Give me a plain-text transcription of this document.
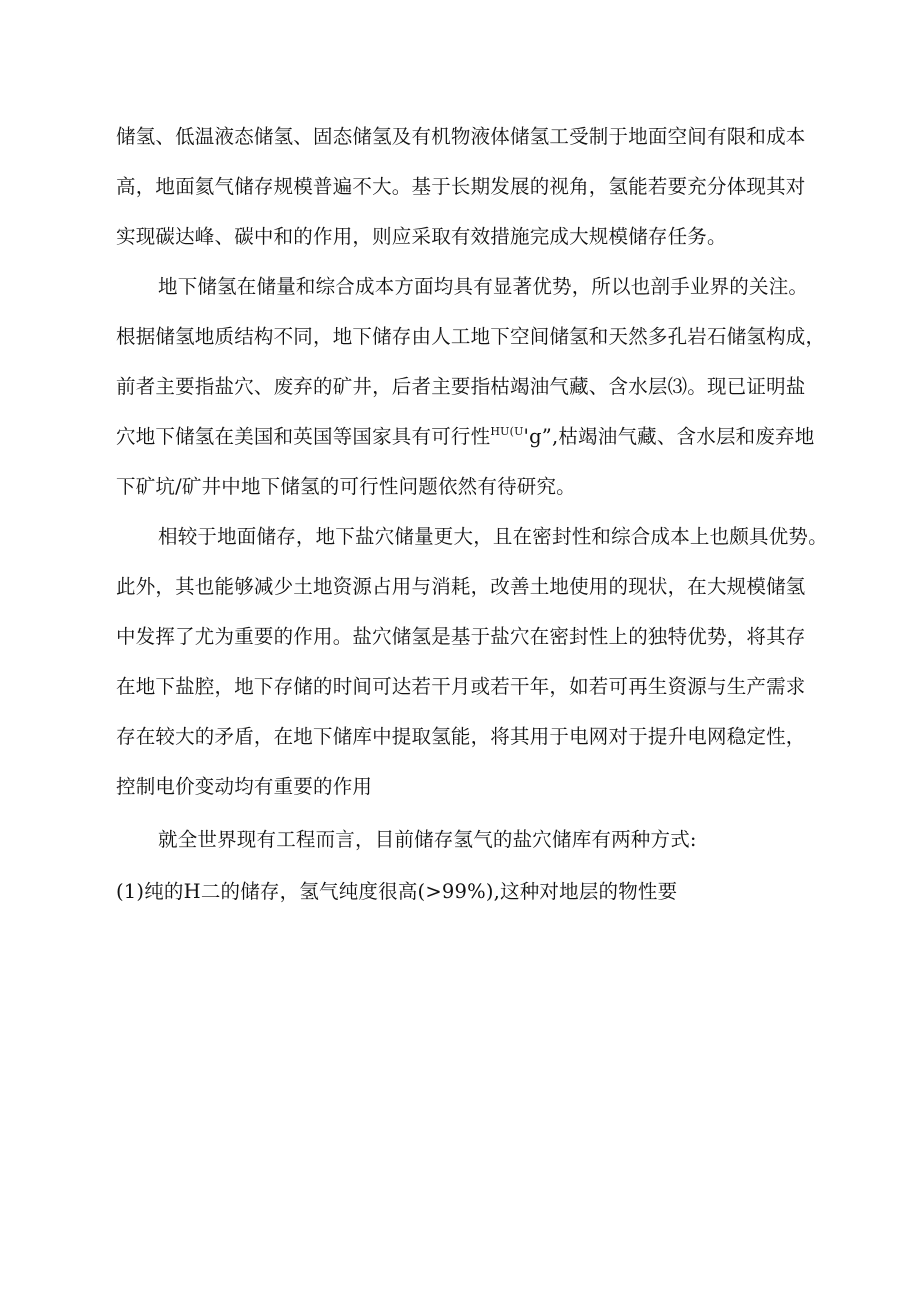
储氢、低温液态储氢、固态储氢及有机物液体储氢工受制于地面空间有限和成本
高，地面氦气储存规模普遍不大。基于长期发展的视角，氢能若要充分体现其对
实现碳达峰、碳中和的作用，则应采取有效措施完成大规模储存任务。
地下储氢在储量和综合成本方面均具有显著优势，所以也剖手业界的关注。
根据储氢地质结构不同，地下储存由人工地下空间储氢和天然多孔岩石储氢构成，
前者主要指盐穴、废弃的矿井，后者主要指枯竭油气藏、含水层⑶。现已证明盐
穴地下储氢在美国和英国等国家具有可行性$^{HU(U}$'g”,枯竭油气藏、含水层和废弃地
下矿坑/矿井中地下储氢的可行性问题依然有待研究。
相较于地面储存，地下盐穴储量更大，且在密封性和综合成本上也颇具优势。
此外，其也能够减少土地资源占用与消耗，改善土地使用的现状，在大规模储氢
中发挥了尤为重要的作用。盐穴储氢是基于盐穴在密封性上的独特优势，将其存
在地下盐腔，地下存储的时间可达若干月或若干年，如若可再生资源与生产需求
存在较大的矛盾，在地下储库中提取氢能，将其用于电网对于提升电网稳定性，
控制电价变动均有重要的作用
就全世界现有工程而言，目前储存氢气的盐穴储库有两种方式:
(1)纯的H二的储存，氢气纯度很高(>99%),这种对地层的物性要
